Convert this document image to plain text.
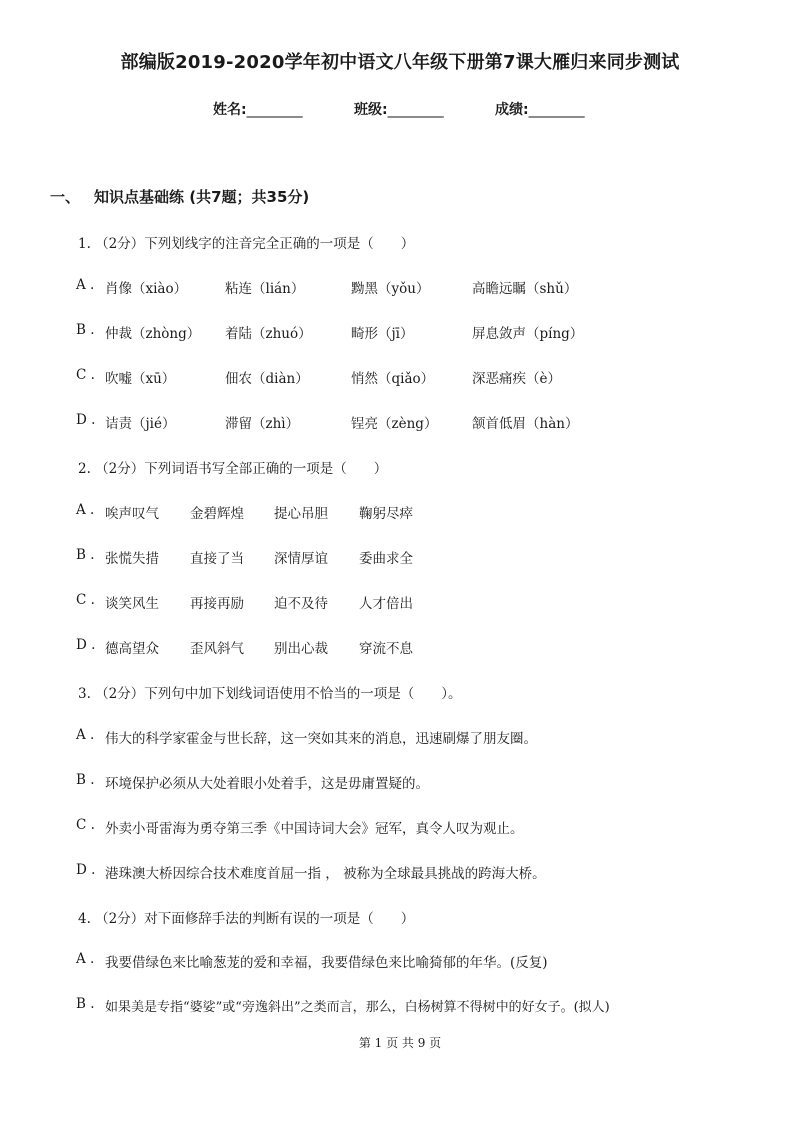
部编版2019-2020学年初中语文八年级下册第7课大雁归来同步测试
姓名:________	班级:________	成绩:________
一、 知识点基础练 (共7题；共35分)
1. （2分）下列划线字的注音完全正确的一项是（　　）
A . 肖像（xiào）	粘连（lián）	黝黑（yǒu）	高瞻远瞩（shǔ）
B . 仲裁（zhòng） 着陆（zhuó）	畸形（jī）	屏息敛声（píng）
C . 吹嘘（xū）	佃农（diàn）	悄然（qiǎo）	深恶痛疾（è）
D . 诘责（jié）	滞留（zhì）	锃亮（zèng）	颔首低眉（hàn）
2. （2分）下列词语书写全部正确的一项是（　　）
A . 唉声叹气 金碧辉煌 提心吊胆 鞠躬尽瘁
B . 张慌失措 直接了当 深情厚谊 委曲求全
C . 谈笑风生 再接再励 迫不及待 人才倍出
D . 德高望众 歪风斜气 别出心裁 穿流不息
3. （2分）下列句中加下划线词语使用不恰当的一项是（　　）。
A . 伟大的科学家霍金与世长辞，这一突如其来的消息，迅速刷爆了朋友圈。
B . 环境保护必须从大处着眼小处着手，这是毋庸置疑的。
C . 外卖小哥雷海为勇夺第三季《中国诗词大会》冠军，真令人叹为观止。
D . 港珠澳大桥因综合技术难度首屈一指 ， 被称为全球最具挑战的跨海大桥。
4. （2分）对下面修辞手法的判断有误的一项是（　　）
A . 我要借绿色来比喻葱茏的爱和幸福，我要借绿色来比喻猗郁的年华。(反复)
B . 如果美是专指“婆娑”或“旁逸斜出”之类而言，那么，白杨树算不得树中的好女子。(拟人)
第 1 页 共 9 页
